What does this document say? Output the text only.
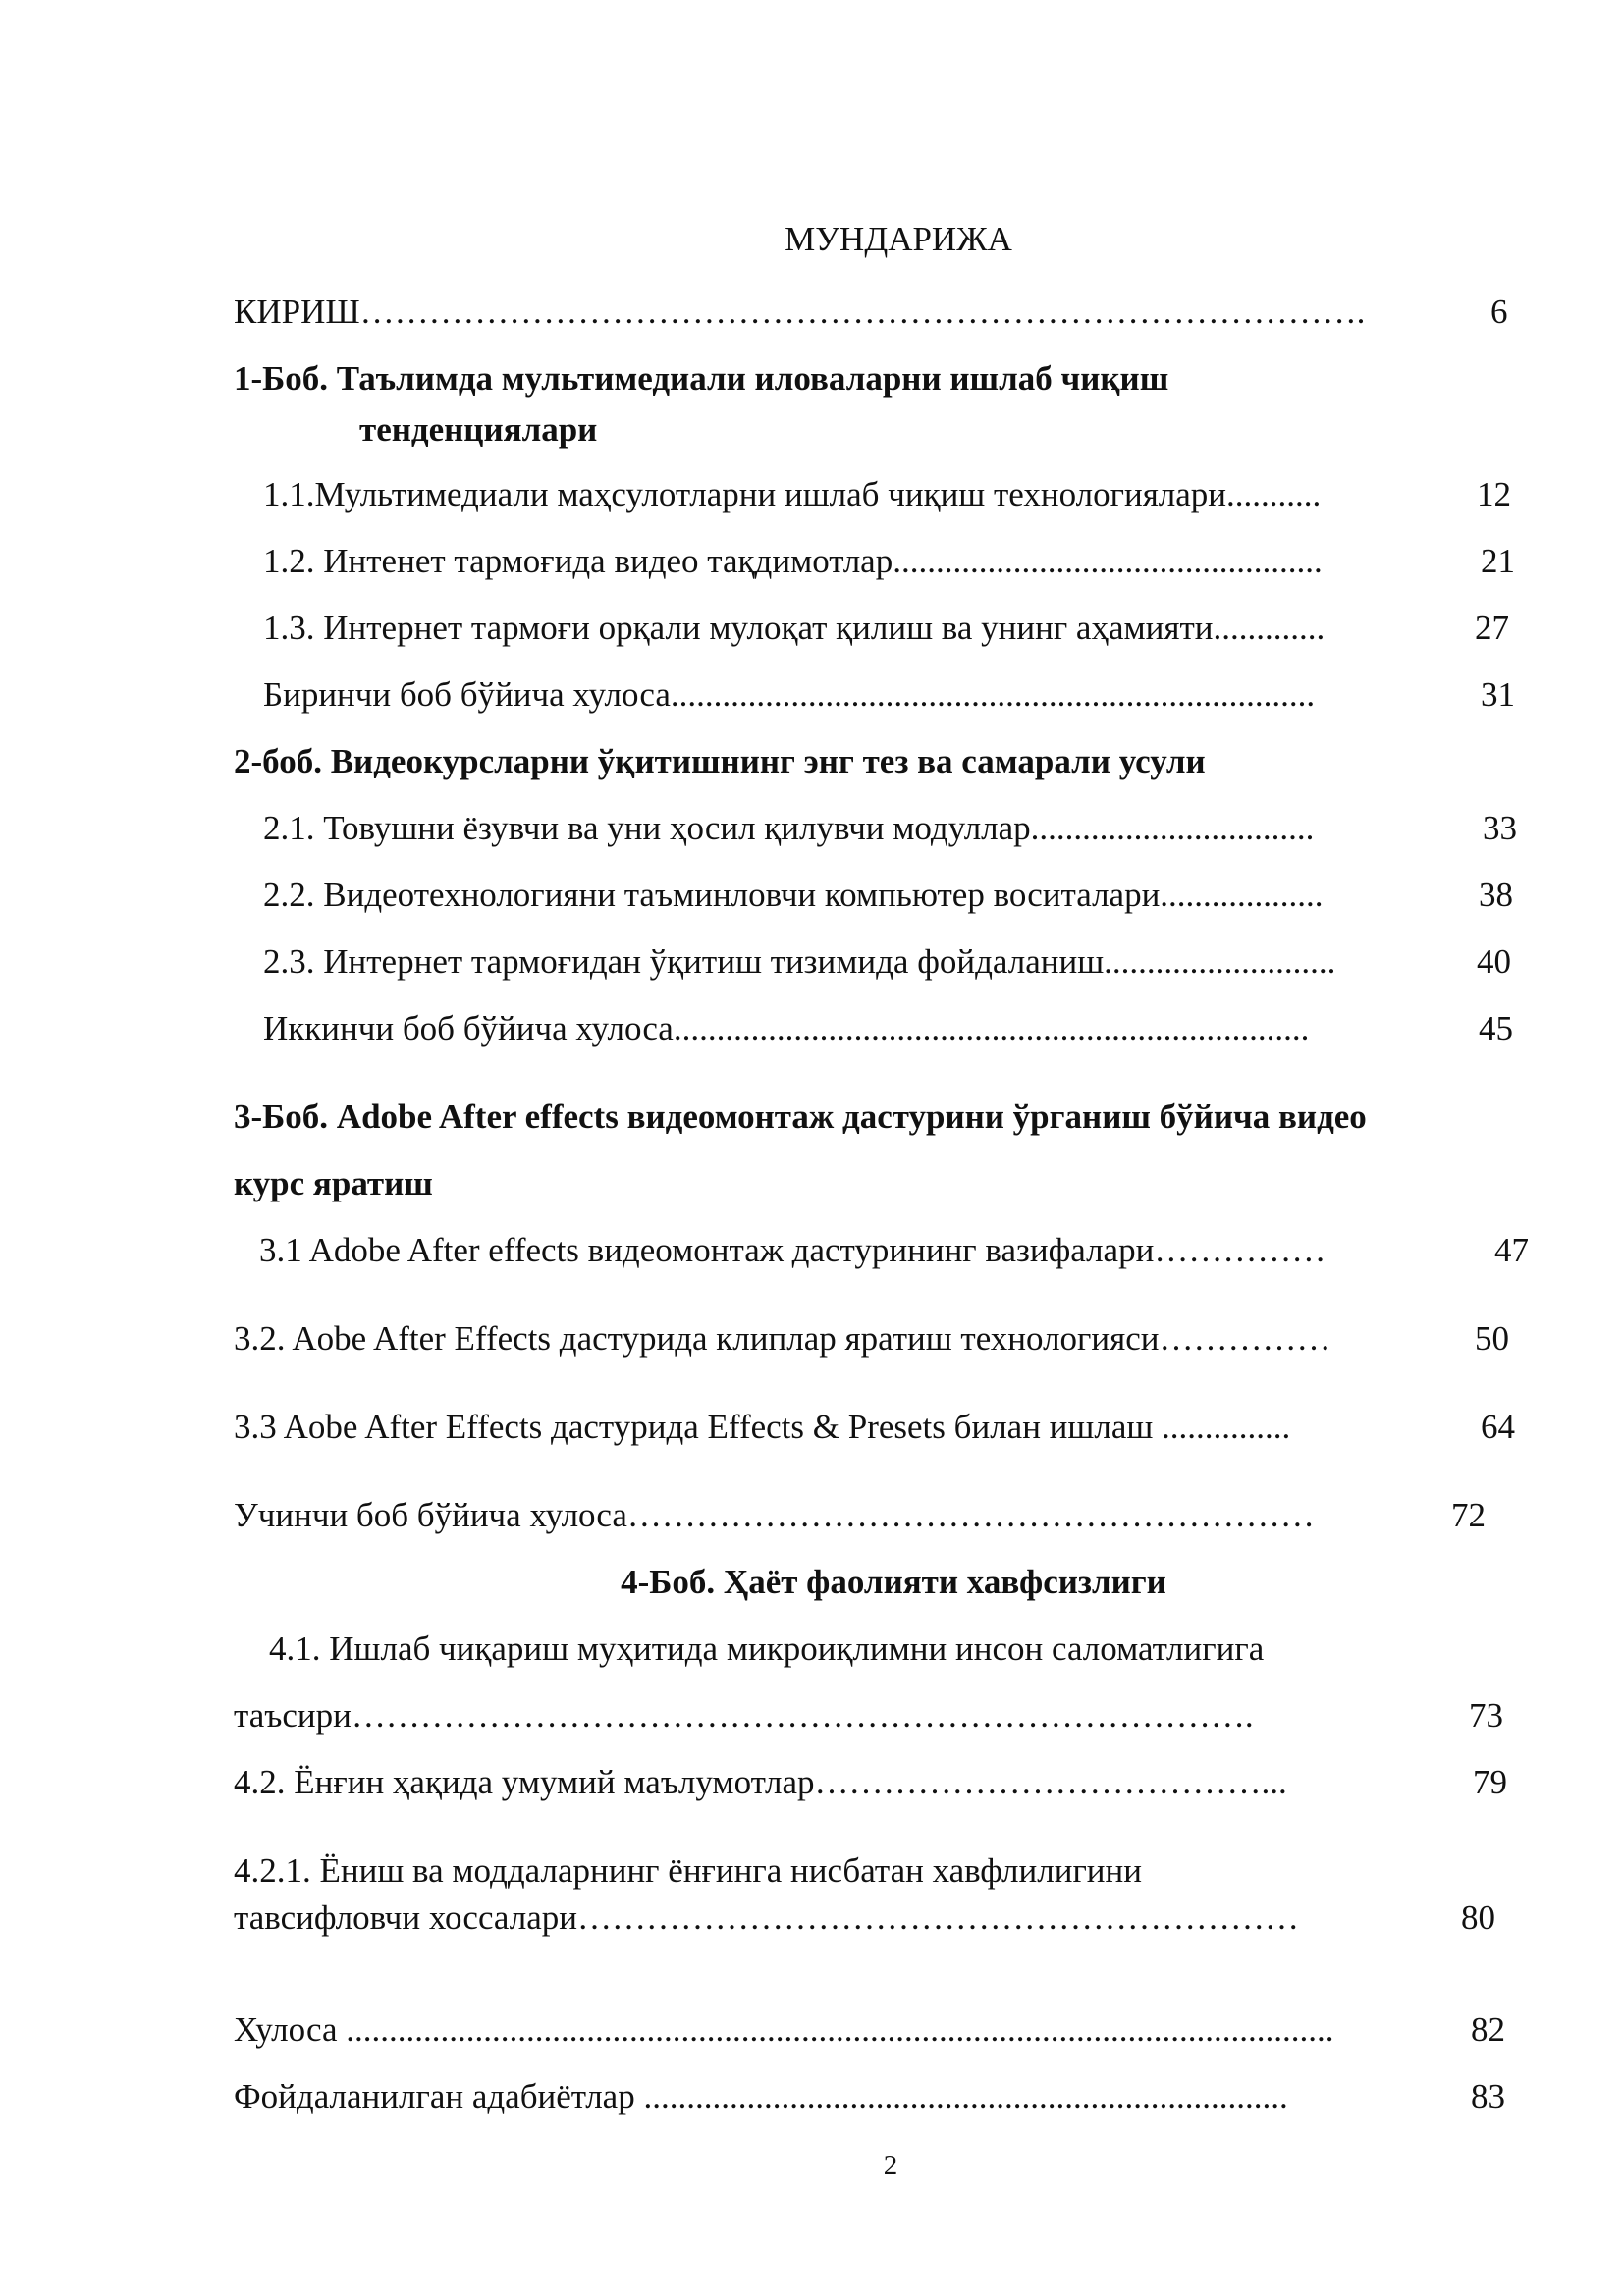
МУНДАРИЖА
КИРИШ…………………………………………………………………………….	6
1-Боб. Таълимда мультимедиали иловаларни ишлаб чиқиш
тенденциялари
1.1.Мультимедиали маҳсулотларни ишлаб чиқиш технологиялари...........	12
1.2. Интенет тармоғида видео тақдимотлар..................................................	21
1.3. Интернет тармоғи орқали мулоқат қилиш ва унинг аҳамияти.............	27
Биринчи боб бўйича хулоса...........................................................................	31
2-боб. Видеокурсларни ўқитишнинг энг тез ва самарали усули
2.1. Товушни ёзувчи ва уни ҳосил қилувчи модуллар.................................	33
2.2. Видеотехнологияни таъминловчи компьютер воситалари...................	38
2.3. Интернет тармоғидан ўқитиш тизимида фойдаланиш...........................	40
Иккинчи боб бўйича хулоса..........................................................................	45
3-Боб. Adobe After effects видеомонтаж дастурини ўрганиш бўйича видео
курс яратиш
3.1 Adobe After effects видеомонтаж дастурининг вазифалари……………	47
3.2. Aobe After Effects дастурида клиплар яратиш технологияси……………	50
3.3 Aobe After Effects дастурида Effects & Presets билан ишлаш ...............	64
Учинчи боб бўйича хулоса……………………………………………………	72
4-Боб. Ҳаёт фаолияти хавфсизлиги
4.1. Ишлаб чиқариш муҳитида микроиқлимни инсон саломатлигига
таъсири…………………………………………………………………….	73
4.2. Ёнғин ҳақида умумий маълумотлар…………………………………...	79
4.2.1. Ёниш ва моддаларнинг ёнғинга нисбатан хавфлилигини
тавсифловчи хоссалари………………………………………………………	80
Хулоса ...................................................................................................................	82
Фойдаланилган адабиётлар ...........................................................................	83
2
